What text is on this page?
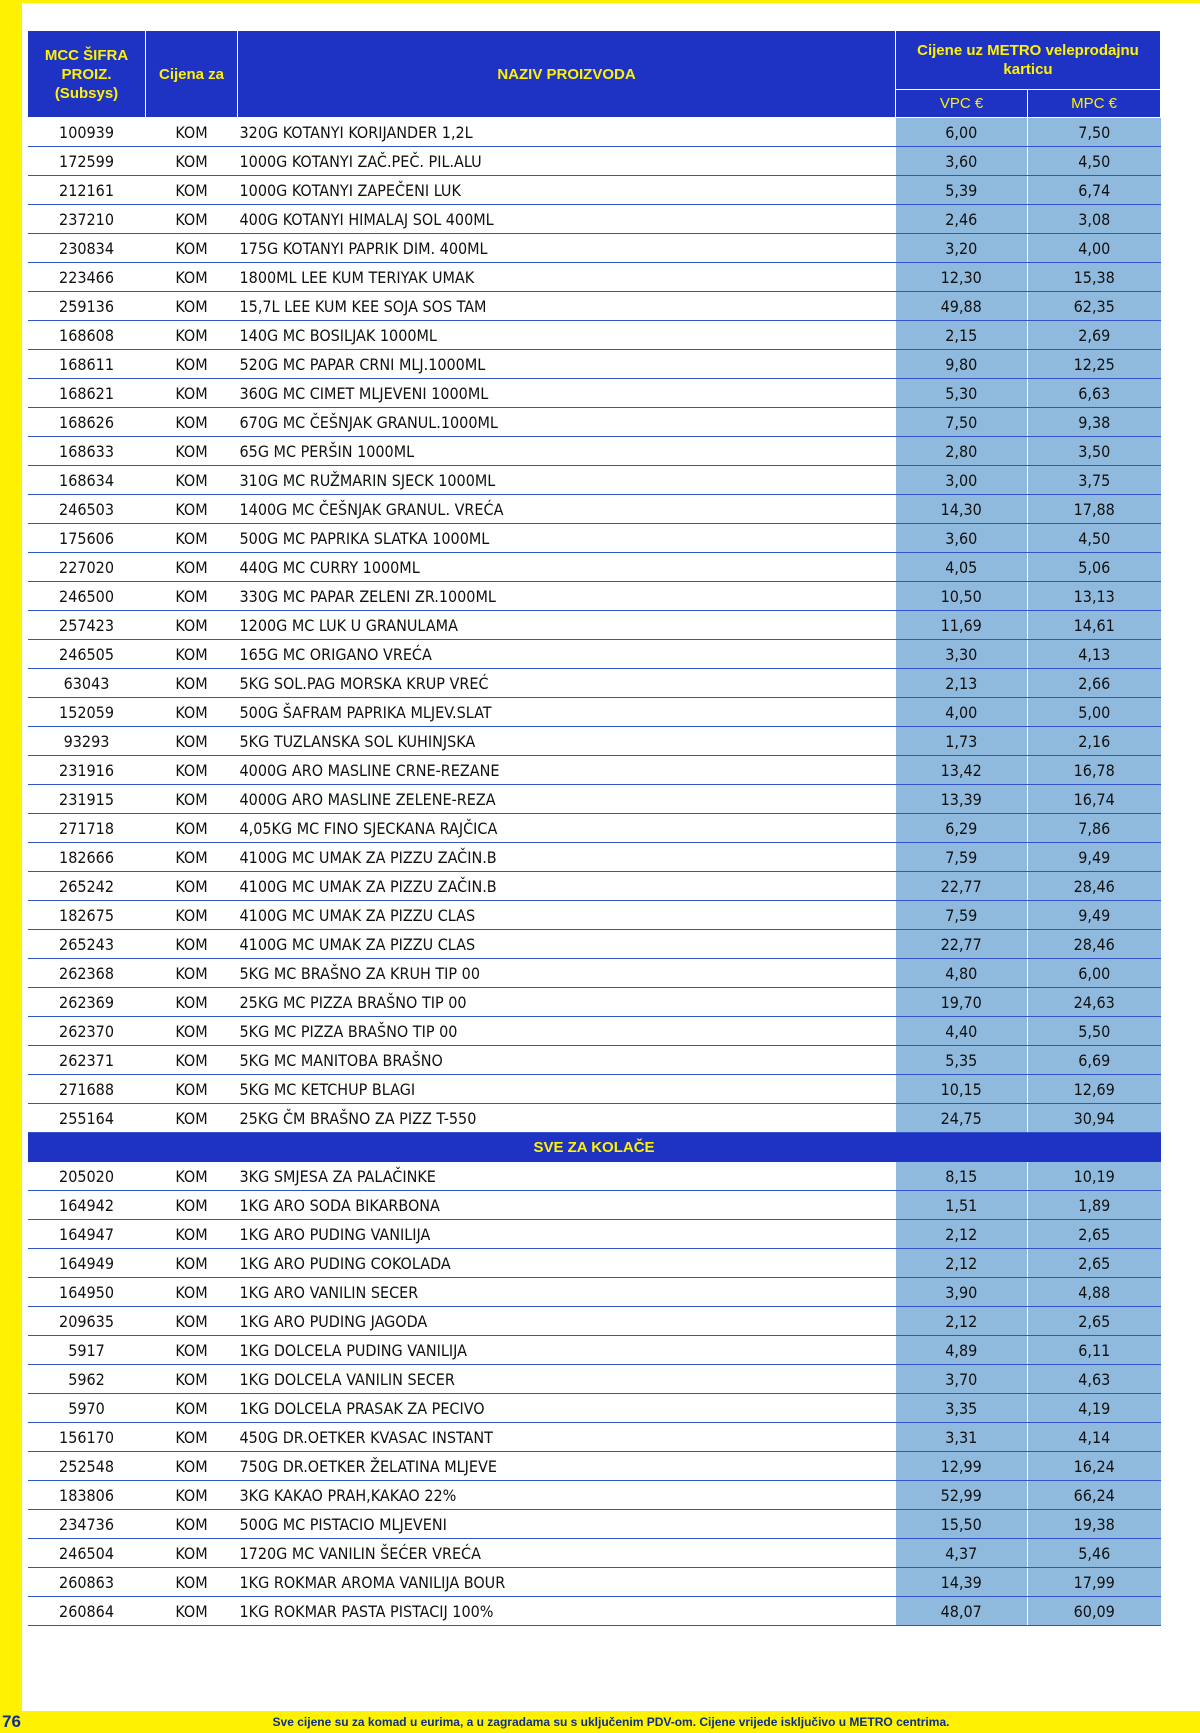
MCC ŠIFRA PROIZ. (Subsys)	Cijena za	NAZIV PROIZVODA	Cijene uz METRO veleprodajnu karticu	
			VPC €	MPC €
100939	KOM	320G KOTANYI KORIJANDER 1,2L	6,00	7,50
172599	KOM	1000G KOTANYI ZAČ.PEČ. PIL.ALU	3,60	4,50
212161	KOM	1000G KOTANYI ZAPEČENI LUK	5,39	6,74
237210	KOM	400G KOTANYI HIMALAJ SOL 400ML	2,46	3,08
230834	KOM	175G KOTANYI PAPRIK DIM. 400ML	3,20	4,00
223466	KOM	1800ML LEE KUM TERIYAK UMAK	12,30	15,38
259136	KOM	15,7L LEE KUM KEE SOJA SOS TAM	49,88	62,35
168608	KOM	140G MC BOSILJAK 1000ML	2,15	2,69
168611	KOM	520G MC PAPAR CRNI MLJ.1000ML	9,80	12,25
168621	KOM	360G MC CIMET MLJEVENI 1000ML	5,30	6,63
168626	KOM	670G MC ČEŠNJAK GRANUL.1000ML	7,50	9,38
168633	KOM	65G MC PERŠIN 1000ML	2,80	3,50
168634	KOM	310G MC RUŽMARIN SJECK 1000ML	3,00	3,75
246503	KOM	1400G MC ČEŠNJAK GRANUL. VREĆA	14,30	17,88
175606	KOM	500G MC PAPRIKA SLATKA 1000ML	3,60	4,50
227020	KOM	440G MC CURRY 1000ML	4,05	5,06
246500	KOM	330G MC PAPAR ZELENI ZR.1000ML	10,50	13,13
257423	KOM	1200G MC LUK U GRANULAMA	11,69	14,61
246505	KOM	165G MC ORIGANO VREĆA	3,30	4,13
63043	KOM	5KG SOL.PAG MORSKA KRUP VREĆ	2,13	2,66
152059	KOM	500G ŠAFRAM PAPRIKA MLJEV.SLAT	4,00	5,00
93293	KOM	5KG TUZLANSKA SOL KUHINJSKA	1,73	2,16
231916	KOM	4000G ARO MASLINE CRNE-REZANE	13,42	16,78
231915	KOM	4000G ARO MASLINE ZELENE-REZA	13,39	16,74
271718	KOM	4,05KG MC FINO SJECKANA RAJČICA	6,29	7,86
182666	KOM	4100G MC UMAK ZA PIZZU ZAČIN.B	7,59	9,49
265242	KOM	4100G MC UMAK ZA PIZZU ZAČIN.B	22,77	28,46
182675	KOM	4100G MC UMAK ZA PIZZU CLAS	7,59	9,49
265243	KOM	4100G MC UMAK ZA PIZZU CLAS	22,77	28,46
262368	KOM	5KG MC BRAŠNO ZA KRUH TIP 00	4,80	6,00
262369	KOM	25KG MC PIZZA BRAŠNO TIP 00	19,70	24,63
262370	KOM	5KG MC PIZZA BRAŠNO TIP 00	4,40	5,50
262371	KOM	5KG MC MANITOBA BRAŠNO	5,35	6,69
271688	KOM	5KG MC KETCHUP BLAGI	10,15	12,69
255164	KOM	25KG ČM BRAŠNO ZA PIZZ T-550	24,75	30,94
SVE ZA KOLAČE				
205020	KOM	3KG SMJESA ZA PALAČINKE	8,15	10,19
164942	KOM	1KG ARO SODA BIKARBONA	1,51	1,89
164947	KOM	1KG ARO PUDING VANILIJA	2,12	2,65
164949	KOM	1KG ARO PUDING COKOLADA	2,12	2,65
164950	KOM	1KG ARO VANILIN SECER	3,90	4,88
209635	KOM	1KG ARO PUDING JAGODA	2,12	2,65
5917	KOM	1KG DOLCELA PUDING VANILIJA	4,89	6,11
5962	KOM	1KG DOLCELA VANILIN SECER	3,70	4,63
5970	KOM	1KG DOLCELA PRASAK ZA PECIVO	3,35	4,19
156170	KOM	450G DR.OETKER KVASAC INSTANT	3,31	4,14
252548	KOM	750G DR.OETKER ŽELATINA MLJEVE	12,99	16,24
183806	KOM	3KG KAKAO PRAH,KAKAO 22%	52,99	66,24
234736	KOM	500G MC PISTACIO MLJEVENI	15,50	19,38
246504	KOM	1720G MC VANILIN ŠEĆER VREĆA	4,37	5,46
260863	KOM	1KG ROKMAR AROMA VANILIJA BOUR	14,39	17,99
260864	KOM	1KG ROKMAR PASTA PISTACIJ 100%	48,07	60,09
76	Sve cijene su za komad u eurima, a u zagradama su s uključenim PDV-om. Cijene vrijede isključivo u METRO centrima.
